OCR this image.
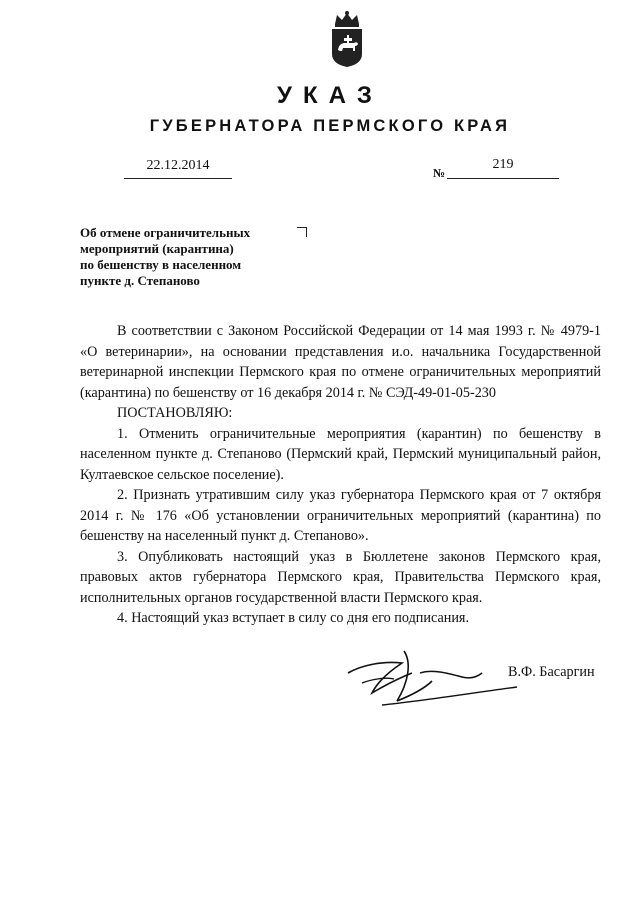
УКАЗ
ГУБЕРНАТОРА ПЕРМСКОГО КРАЯ
22.12.2014	№
219
Об отмене ограничительных
мероприятий (карантина)
по бешенству в населенном
пункте д. Степаново

В соответствии с Законом Российской Федерации от 14 мая 1993 г. № 4979-1 «О ветеринарии», на основании представления и.о. начальника Государственной ветеринарной инспекции Пермского края по отмене ограничительных мероприятий (карантина) по бешенству от 16 декабря 2014 г. № СЭД-49-01-05-230

ПОСТАНОВЛЯЮ:

1. Отменить ограничительные мероприятия (карантин) по бешенству в населенном пункте д. Степаново (Пермский край, Пермский муниципальный район, Култаевское сельское поселение).

2. Признать утратившим силу указ губернатора Пермского края от 7 октября 2014 г. № 176 «Об установлении ограничительных мероприятий (карантина) по бешенству на населенный пункт д. Степаново».

3. Опубликовать настоящий указ в Бюллетене законов Пермского края, правовых актов губернатора Пермского края, Правительства Пермского края, исполнительных органов государственной власти Пермского края.

4. Настоящий указ вступает в силу со дня его подписания.

В.Ф. Басаргин
